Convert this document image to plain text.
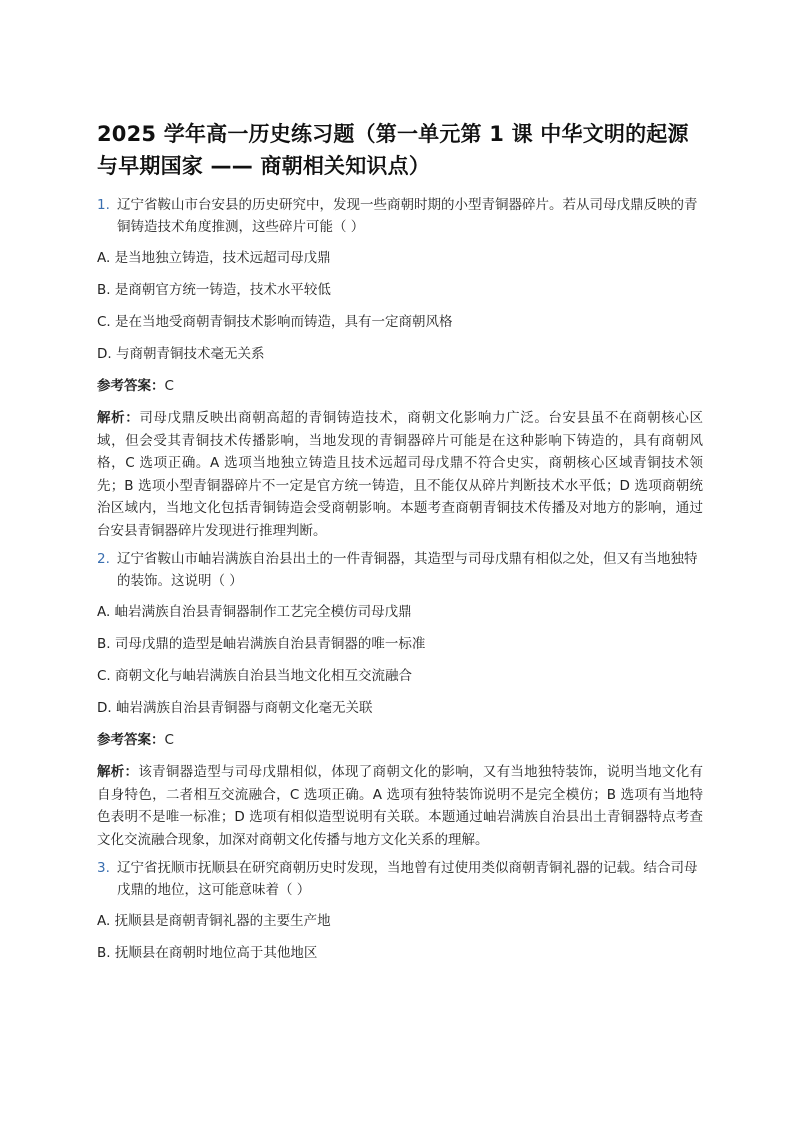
2025 学年高一历史练习题（第一单元第 1 课 中华文明的起源与早期国家 —— 商朝相关知识点）
1. 辽宁省鞍山市台安县的历史研究中，发现一些商朝时期的小型青铜器碎片。若从司母戊鼎反映的青铜铸造技术角度推测，这些碎片可能（ ）
A. 是当地独立铸造，技术远超司母戊鼎
B. 是商朝官方统一铸造，技术水平较低
C. 是在当地受商朝青铜技术影响而铸造，具有一定商朝风格
D. 与商朝青铜技术毫无关系
参考答案：C
解析：司母戊鼎反映出商朝高超的青铜铸造技术，商朝文化影响力广泛。台安县虽不在商朝核心区域，但会受其青铜技术传播影响，当地发现的青铜器碎片可能是在这种影响下铸造的，具有商朝风格，C 选项正确。A 选项当地独立铸造且技术远超司母戊鼎不符合史实，商朝核心区域青铜技术领先；B 选项小型青铜器碎片不一定是官方统一铸造，且不能仅从碎片判断技术水平低；D 选项商朝统治区域内，当地文化包括青铜铸造会受商朝影响。本题考查商朝青铜技术传播及对地方的影响，通过台安县青铜器碎片发现进行推理判断。
2. 辽宁省鞍山市岫岩满族自治县出土的一件青铜器，其造型与司母戊鼎有相似之处，但又有当地独特的装饰。这说明（ ）
A. 岫岩满族自治县青铜器制作工艺完全模仿司母戊鼎
B. 司母戊鼎的造型是岫岩满族自治县青铜器的唯一标准
C. 商朝文化与岫岩满族自治县当地文化相互交流融合
D. 岫岩满族自治县青铜器与商朝文化毫无关联
参考答案：C
解析：该青铜器造型与司母戊鼎相似，体现了商朝文化的影响，又有当地独特装饰，说明当地文化有自身特色，二者相互交流融合，C 选项正确。A 选项有独特装饰说明不是完全模仿；B 选项有当地特色表明不是唯一标准；D 选项有相似造型说明有关联。本题通过岫岩满族自治县出土青铜器特点考查文化交流融合现象，加深对商朝文化传播与地方文化关系的理解。
3. 辽宁省抚顺市抚顺县在研究商朝历史时发现，当地曾有过使用类似商朝青铜礼器的记载。结合司母戊鼎的地位，这可能意味着（ ）
A. 抚顺县是商朝青铜礼器的主要生产地
B. 抚顺县在商朝时地位高于其他地区
